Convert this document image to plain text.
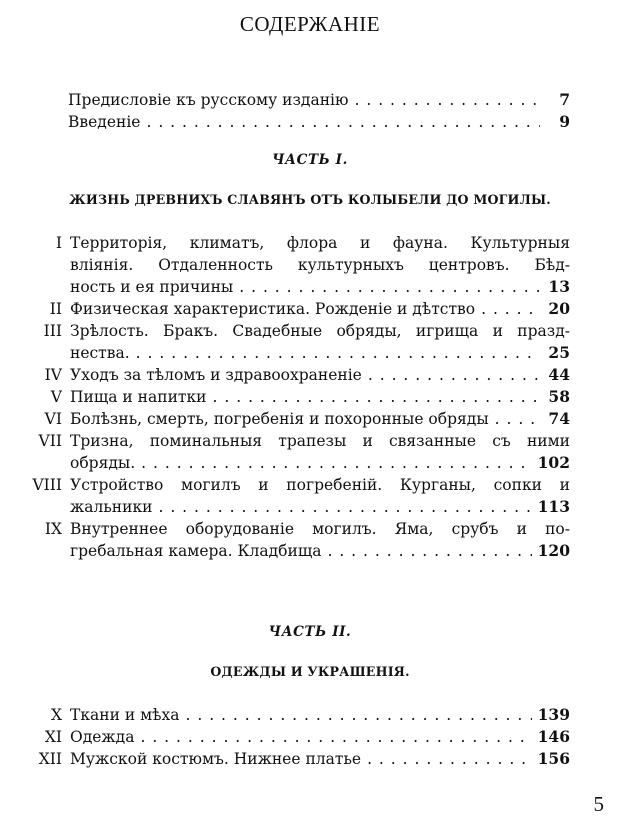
СОДЕРЖАНІЕ
Предисловіе къ русскому изданію . . .	7
Введеніе . . .	9
ЧАСТЬ I.
ЖИЗНЬ ДРЕВНИХЪ СЛАВЯНЪ ОТЪ КОЛЫБЕЛИ ДО МОГИЛЫ.
I Территорія, климатъ, флора и фауна. Культурныя
вліянія. Отдаленность культурныхъ центровъ. Бѣд-
ность и ея причины . . .	13
II Физическая характеристика. Рожденіе и дѣтство . . .	20
III Зрѣлость. Бракъ. Свадебные обряды, игрища и празд-
нества. . . .	25
IV Уходъ за тѣломъ и здравоохраненіе . . .	44
V Пища и напитки . . .	58
VI Болѣзнь, смерть, погребенія и похоронные обряды . . .	74
VII Тризна, поминальныя трапезы и связанные съ ними
обряды. . . .	102
VIII Устройство могилъ и погребеній. Курганы, сопки и
жальники . . .	113
IX Внутреннее оборудованіе могилъ. Яма, срубъ и по-
гребальная камера. Кладбища . . .	120
ЧАСТЬ II.
ОДЕЖДЫ И УКРАШЕНІЯ.
X Ткани и мѣха . . .	139
XI Одежда . . .	146
XII Мужской костюмъ. Нижнее платье . . .	156
5
